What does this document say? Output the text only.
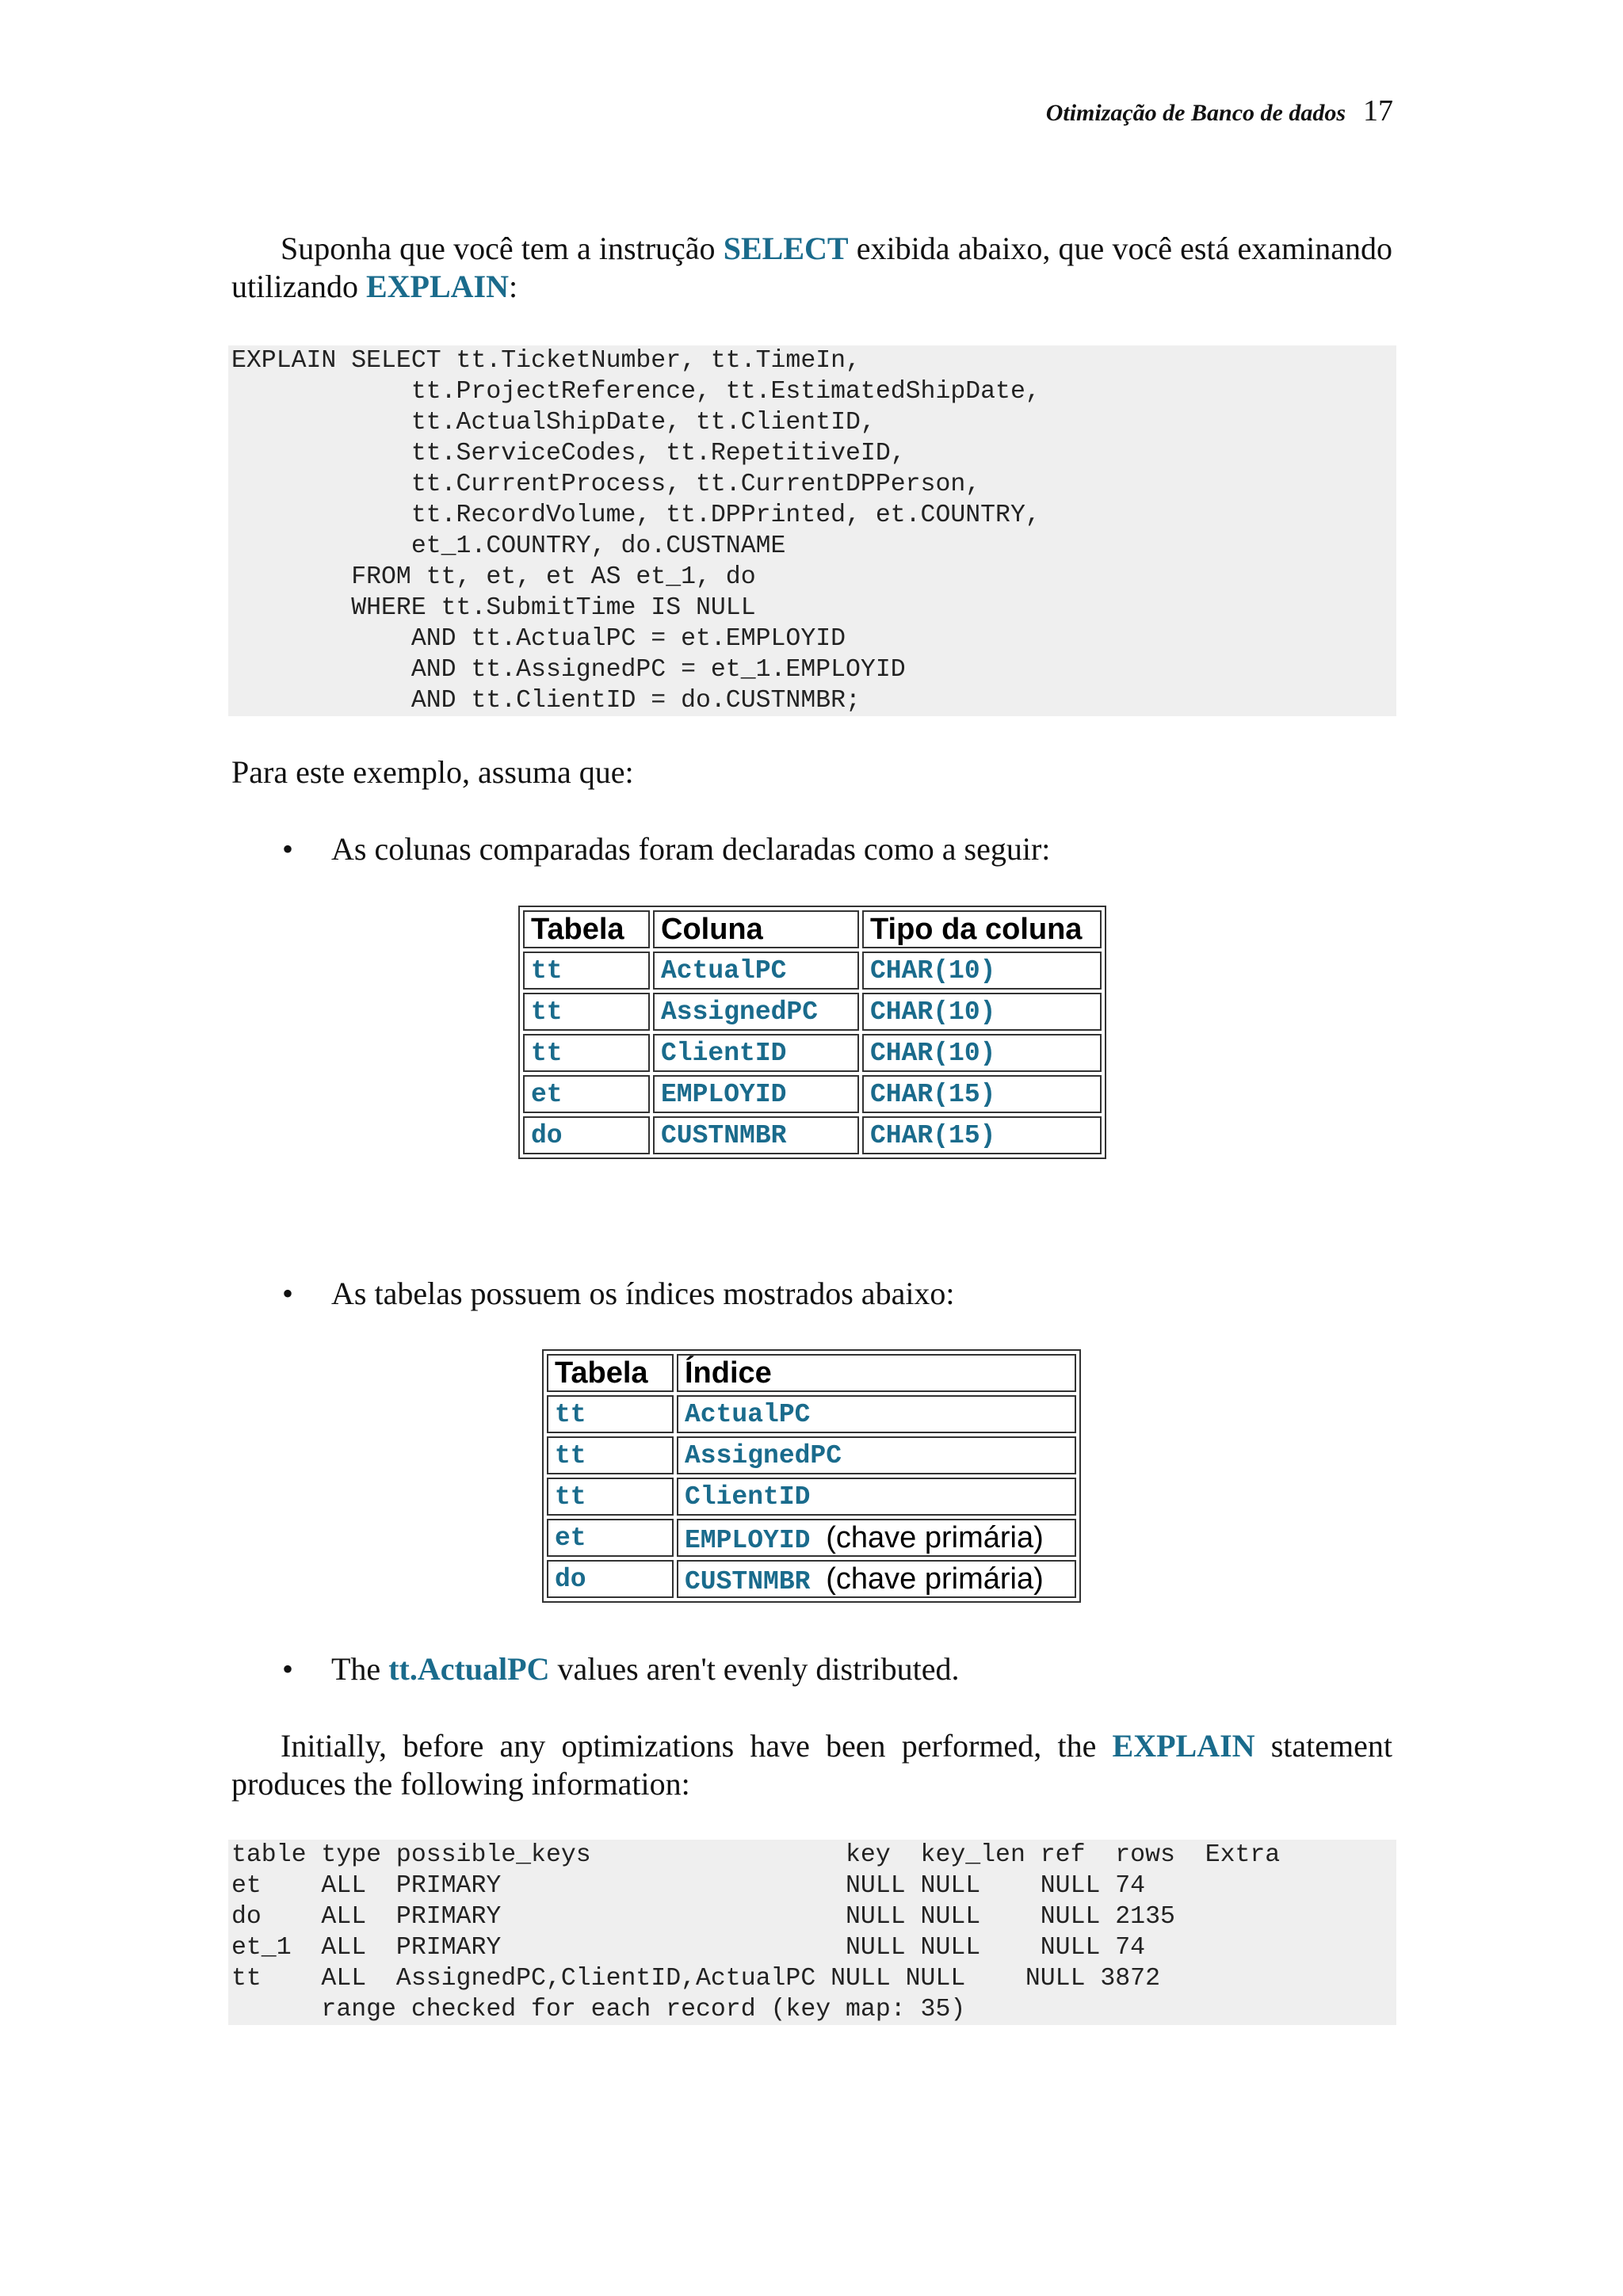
Otimização de Banco de dados 17
Suponha que você tem a instrução SELECT exibida abaixo, que você está examinando utilizando EXPLAIN:
EXPLAIN SELECT tt.TicketNumber, tt.TimeIn,
tt.ProjectReference, tt.EstimatedShipDate,
tt.ActualShipDate, tt.ClientID,
tt.ServiceCodes, tt.RepetitiveID,
tt.CurrentProcess, tt.CurrentDPPerson,
tt.RecordVolume, tt.DPPrinted, et.COUNTRY,
et_1.COUNTRY, do.CUSTNAME
FROM tt, et, et AS et_1, do
WHERE tt.SubmitTime IS NULL
AND tt.ActualPC = et.EMPLOYID
AND tt.AssignedPC = et_1.EMPLOYID
AND tt.ClientID = do.CUSTNMBR;
Para este exemplo, assuma que:
• As colunas comparadas foram declaradas como a seguir:
Tabela	Coluna	Tipo da coluna
tt	ActualPC	CHAR(10)
tt	AssignedPC	CHAR(10)
tt	ClientID	CHAR(10)
et	EMPLOYID	CHAR(15)
do	CUSTNMBR	CHAR(15)
• As tabelas possuem os índices mostrados abaixo:
Tabela	Índice
tt	ActualPC
tt	AssignedPC
tt	ClientID
et	EMPLOYID (chave primária)
do	CUSTNMBR (chave primária)
• The tt.ActualPC values aren't evenly distributed.
Initially, before any optimizations have been performed, the EXPLAIN statement produces the following information:
table type possible_keys                 key  key_len ref  rows  Extra
et    ALL  PRIMARY                       NULL NULL    NULL 74
do    ALL  PRIMARY                       NULL NULL    NULL 2135
et_1  ALL  PRIMARY                       NULL NULL    NULL 74
tt    ALL  AssignedPC,ClientID,ActualPC NULL NULL    NULL 3872
range checked for each record (key map: 35)
